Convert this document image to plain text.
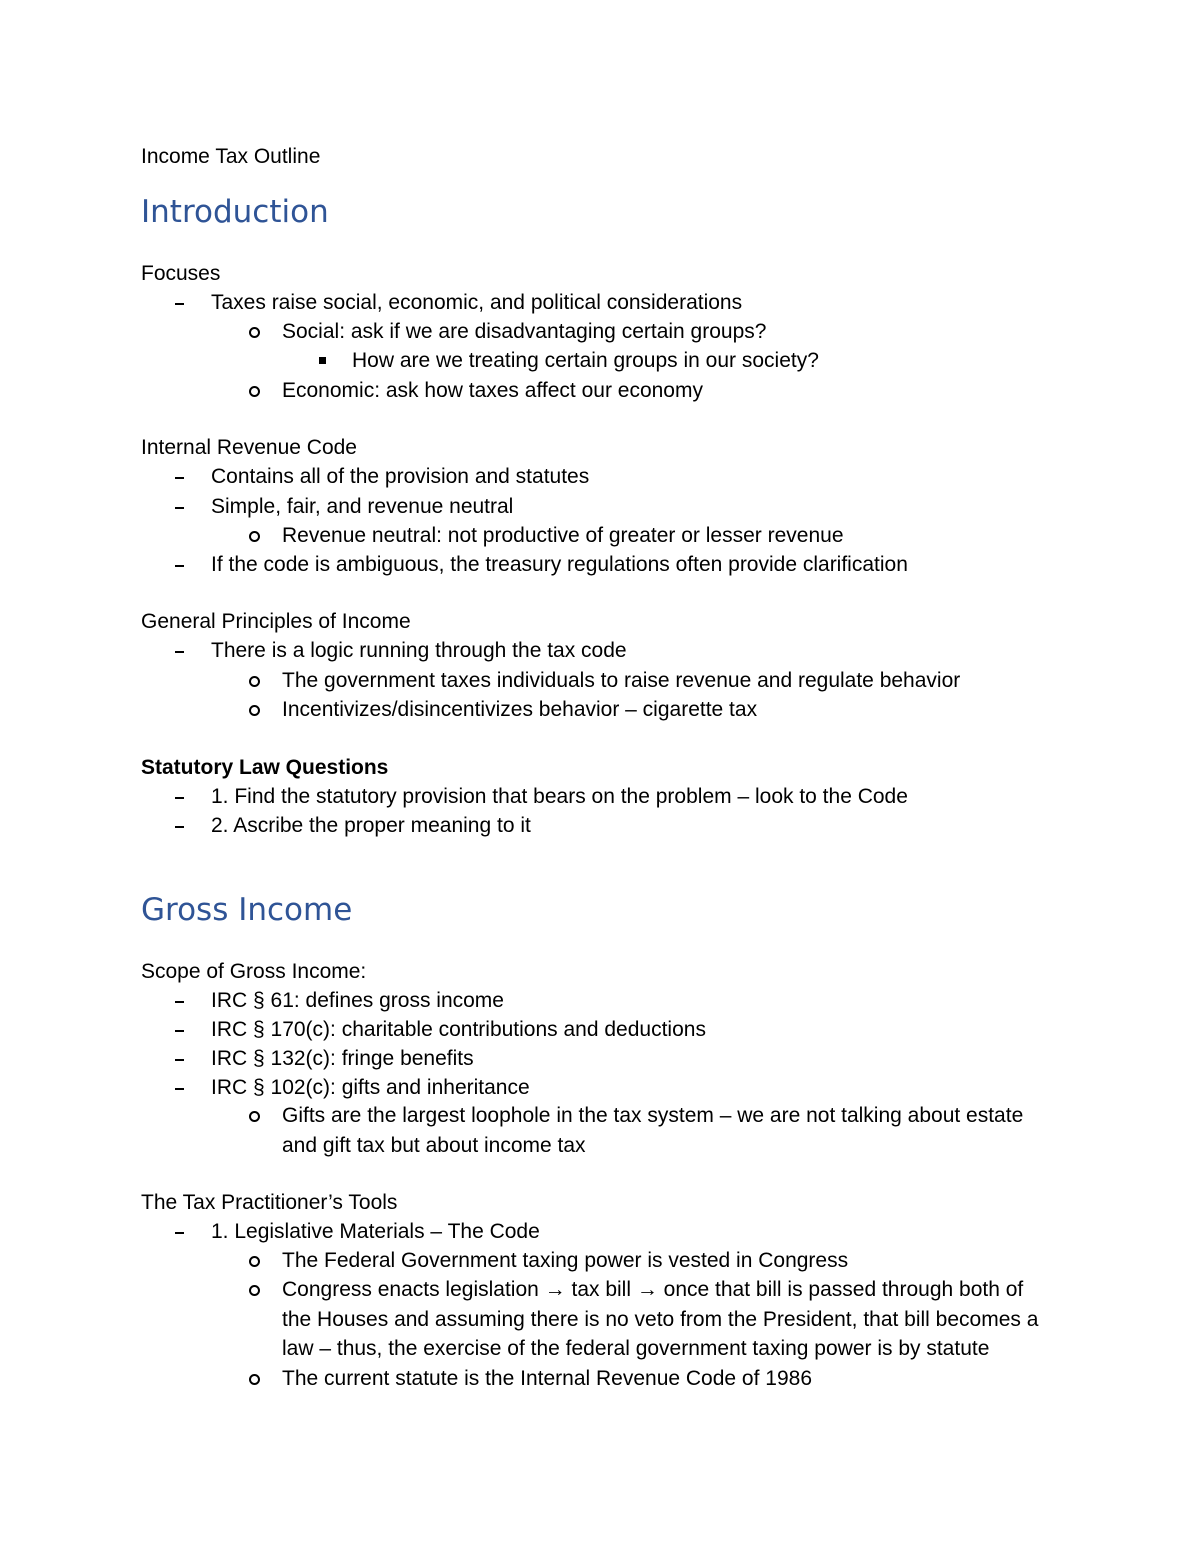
Income Tax Outline
Introduction
Focuses
Taxes raise social, economic, and political considerations
Social: ask if we are disadvantaging certain groups?
How are we treating certain groups in our society?
Economic: ask how taxes affect our economy
Internal Revenue Code
Contains all of the provision and statutes
Simple, fair, and revenue neutral
Revenue neutral: not productive of greater or lesser revenue
If the code is ambiguous, the treasury regulations often provide clarification
General Principles of Income
There is a logic running through the tax code
The government taxes individuals to raise revenue and regulate behavior
Incentivizes/disincentivizes behavior – cigarette tax
Statutory Law Questions
1. Find the statutory provision that bears on the problem – look to the Code
2. Ascribe the proper meaning to it
Gross Income
Scope of Gross Income:
IRC § 61: defines gross income
IRC § 170(c): charitable contributions and deductions
IRC § 132(c): fringe benefits
IRC § 102(c): gifts and inheritance
Gifts are the largest loophole in the tax system – we are not talking about estate
and gift tax but about income tax
The Tax Practitioner’s Tools
1. Legislative Materials – The Code
The Federal Government taxing power is vested in Congress
Congress enacts legislation → tax bill → once that bill is passed through both of
the Houses and assuming there is no veto from the President, that bill becomes a
law – thus, the exercise of the federal government taxing power is by statute
The current statute is the Internal Revenue Code of 1986
